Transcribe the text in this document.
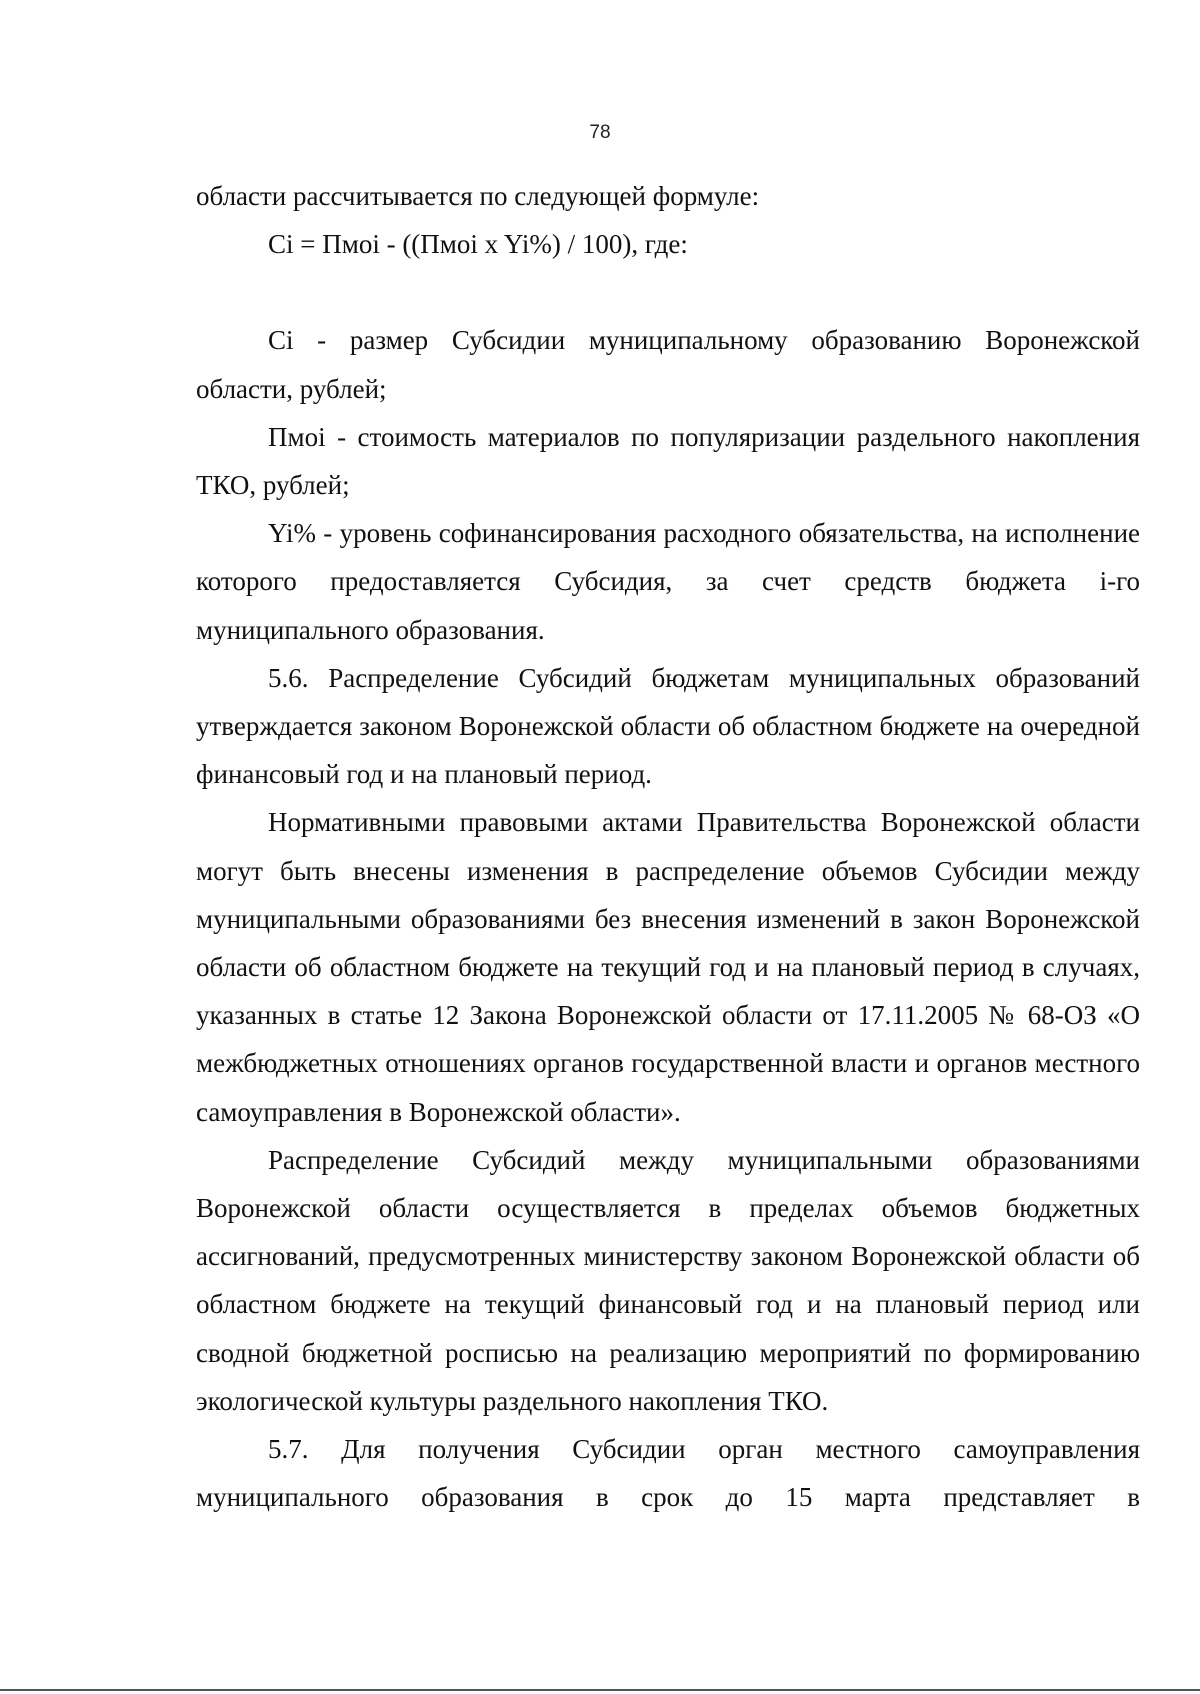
78

области рассчитывается по следующей формуле:

Сi = Пмоi - ((Пмоi x Yi%) / 100), где:

Сi - размер Субсидии муниципальному образованию Воронежской области, рублей;

Пмоi - стоимость материалов по популяризации раздельного накопления ТКО, рублей;

Yi% - уровень софинансирования расходного обязательства, на исполнение которого предоставляется Субсидия, за счет средств бюджета i-го муниципального образования.

5.6. Распределение Субсидий бюджетам муниципальных образований утверждается законом Воронежской области об областном бюджете на очередной финансовый год и на плановый период.

Нормативными правовыми актами Правительства Воронежской области могут быть внесены изменения в распределение объемов Субсидии между муниципальными образованиями без внесения изменений в закон Воронежской области об областном бюджете на текущий год и на плановый период в случаях, указанных в статье 12 Закона Воронежской области от 17.11.2005 № 68-ОЗ «О межбюджетных отношениях органов государственной власти и органов местного самоуправления в Воронежской области».

Распределение Субсидий между муниципальными образованиями Воронежской области осуществляется в пределах объемов бюджетных ассигнований, предусмотренных министерству законом Воронежской области об областном бюджете на текущий финансовый год и на плановый период или сводной бюджетной росписью на реализацию мероприятий по формированию экологической культуры раздельного накопления ТКО.

5.7. Для получения Субсидии орган местного самоуправления муниципального образования в срок до 15 марта представляет в
